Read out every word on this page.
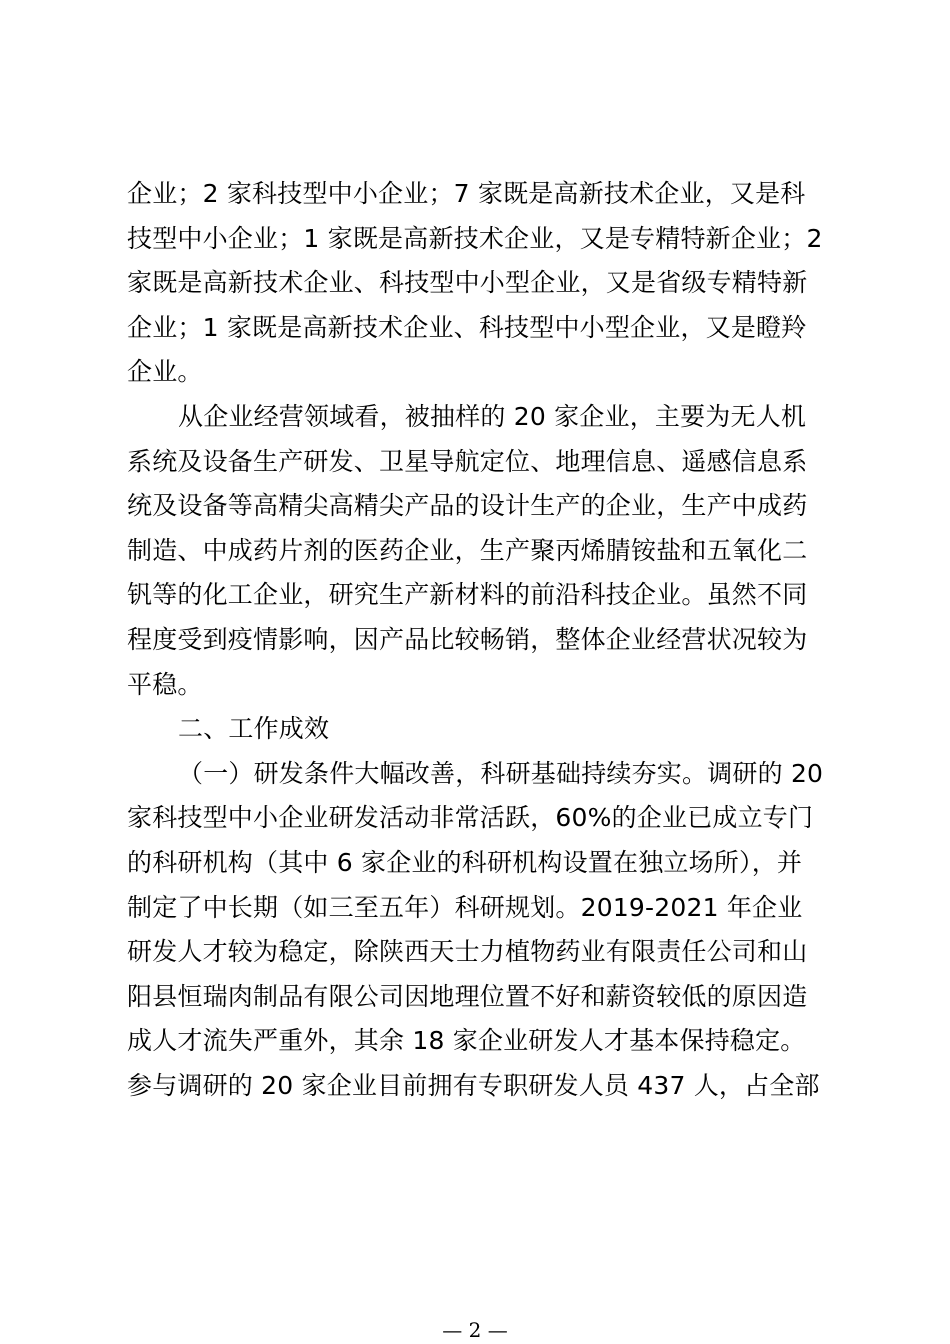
企业；2 家科技型中小企业；7 家既是高新技术企业，又是科
技型中小企业；1 家既是高新技术企业，又是专精特新企业；2
家既是高新技术企业、科技型中小型企业，又是省级专精特新
企业；1 家既是高新技术企业、科技型中小型企业，又是瞪羚
企业。
从企业经营领域看，被抽样的 20 家企业，主要为无人机
系统及设备生产研发、卫星导航定位、地理信息、遥感信息系
统及设备等高精尖高精尖产品的设计生产的企业，生产中成药
制造、中成药片剂的医药企业，生产聚丙烯腈铵盐和五氧化二
钒等的化工企业，研究生产新材料的前沿科技企业。虽然不同
程度受到疫情影响，因产品比较畅销，整体企业经营状况较为
平稳。
二、工作成效
（一）研发条件大幅改善，科研基础持续夯实。调研的 20
家科技型中小企业研发活动非常活跃，60%的企业已成立专门
的科研机构（其中 6 家企业的科研机构设置在独立场所），并
制定了中长期（如三至五年）科研规划。2019-2021 年企业
研发人才较为稳定，除陕西天士力植物药业有限责任公司和山
阳县恒瑞肉制品有限公司因地理位置不好和薪资较低的原因造
成人才流失严重外，其余 18 家企业研发人才基本保持稳定。
参与调研的 20 家企业目前拥有专职研发人员 437 人，占全部
— 2 —
